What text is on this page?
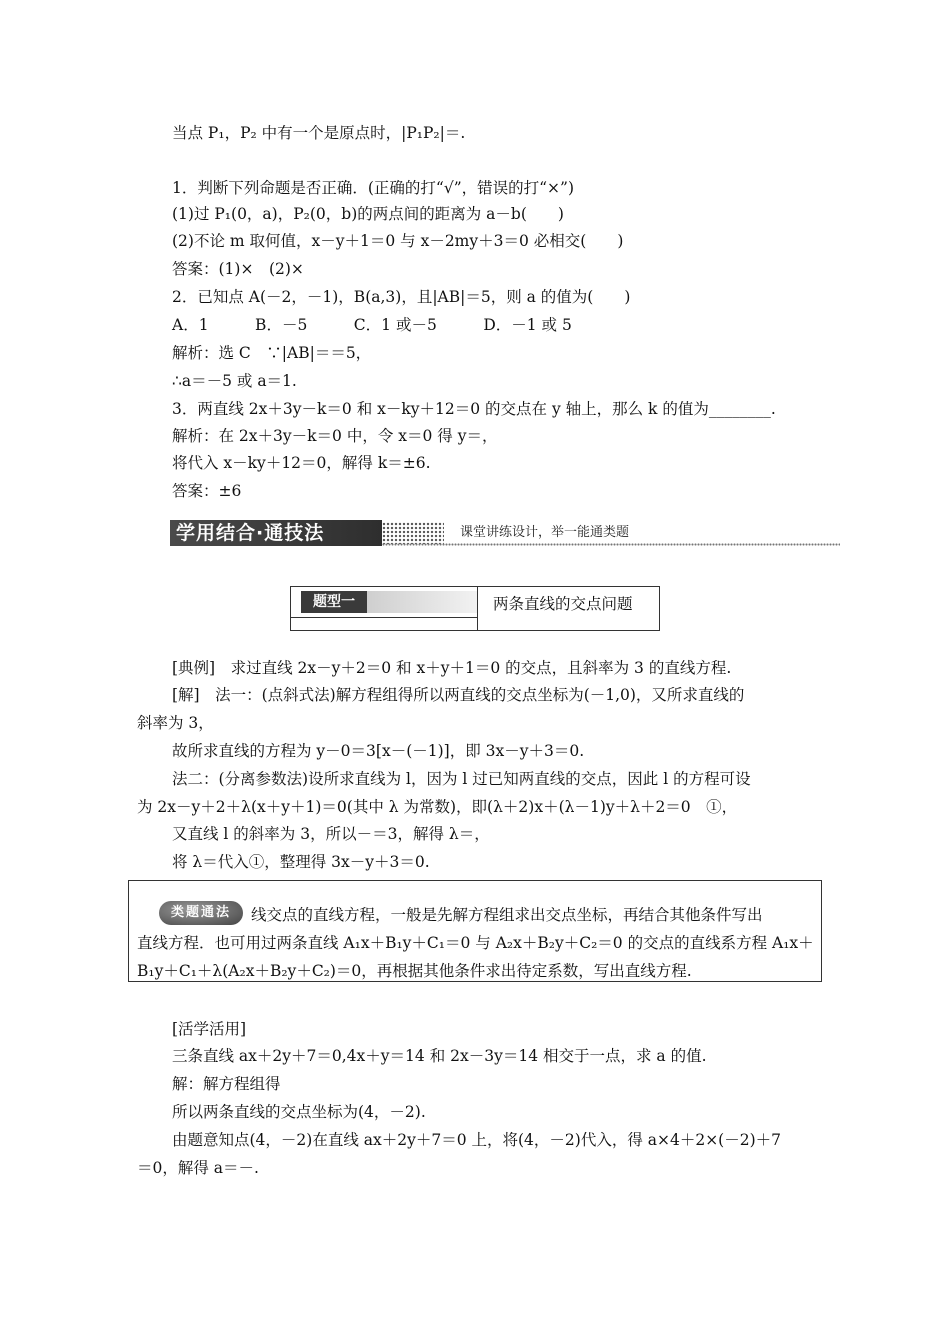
当点 P₁，P₂ 中有一个是原点时，|P₁P₂|＝.
1．判断下列命题是否正确．(正确的打“√”，错误的打“×”)
(1)过 P₁(0，a)，P₂(0，b)的两点间的距离为 a－b(　　)
(2)不论 m 取何值，x－y＋1＝0 与 x－2my＋3＝0 必相交(　　)
答案：(1)×　(2)×
2．已知点 A(－2，－1)，B(a,3)，且|AB|＝5，则 a 的值为(　　)
A．1　　　B．－5　　　C．1 或－5　　　D．－1 或 5
解析：选 C　∵|AB|＝＝5，
∴a＝－5 或 a＝1.
3．两直线 2x＋3y－k＝0 和 x－ky＋12＝0 的交点在 y 轴上，那么 k 的值为________.
解析：在 2x＋3y－k＝0 中，令 x＝0 得 y＝，
将代入 x－ky＋12＝0，解得 k＝±6.
答案：±6
学用结合·通技法	课堂讲练设计，举一能通类题
题型一	两条直线的交点问题
[典例]　求过直线 2x－y＋2＝0 和 x＋y＋1＝0 的交点，且斜率为 3 的直线方程.
[解]　法一：(点斜式法)解方程组得所以两直线的交点坐标为(－1,0)，又所求直线的
斜率为 3，
故所求直线的方程为 y－0＝3[x－(－1)]，即 3x－y＋3＝0.
法二：(分离参数法)设所求直线为 l，因为 l 过已知两直线的交点，因此 l 的方程可设
为 2x－y＋2＋λ(x＋y＋1)＝0(其中 λ 为常数)，即(λ＋2)x＋(λ－1)y＋λ＋2＝0　①，
又直线 l 的斜率为 3，所以－＝3，解得 λ＝，
将 λ＝代入①，整理得 3x－y＋3＝0.
类题通法	线交点的直线方程，一般是先解方程组求出交点坐标，再结合其他条件写出
直线方程．也可用过两条直线 A₁x＋B₁y＋C₁＝0 与 A₂x＋B₂y＋C₂＝0 的交点的直线系方程 A₁x＋
B₁y＋C₁＋λ(A₂x＋B₂y＋C₂)＝0，再根据其他条件求出待定系数，写出直线方程.
[活学活用]
三条直线 ax＋2y＋7＝0,4x＋y＝14 和 2x－3y＝14 相交于一点，求 a 的值.
解：解方程组得
所以两条直线的交点坐标为(4，－2).
由题意知点(4，－2)在直线 ax＋2y＋7＝0 上，将(4，－2)代入，得 a×4＋2×(－2)＋7
＝0，解得 a＝－.
